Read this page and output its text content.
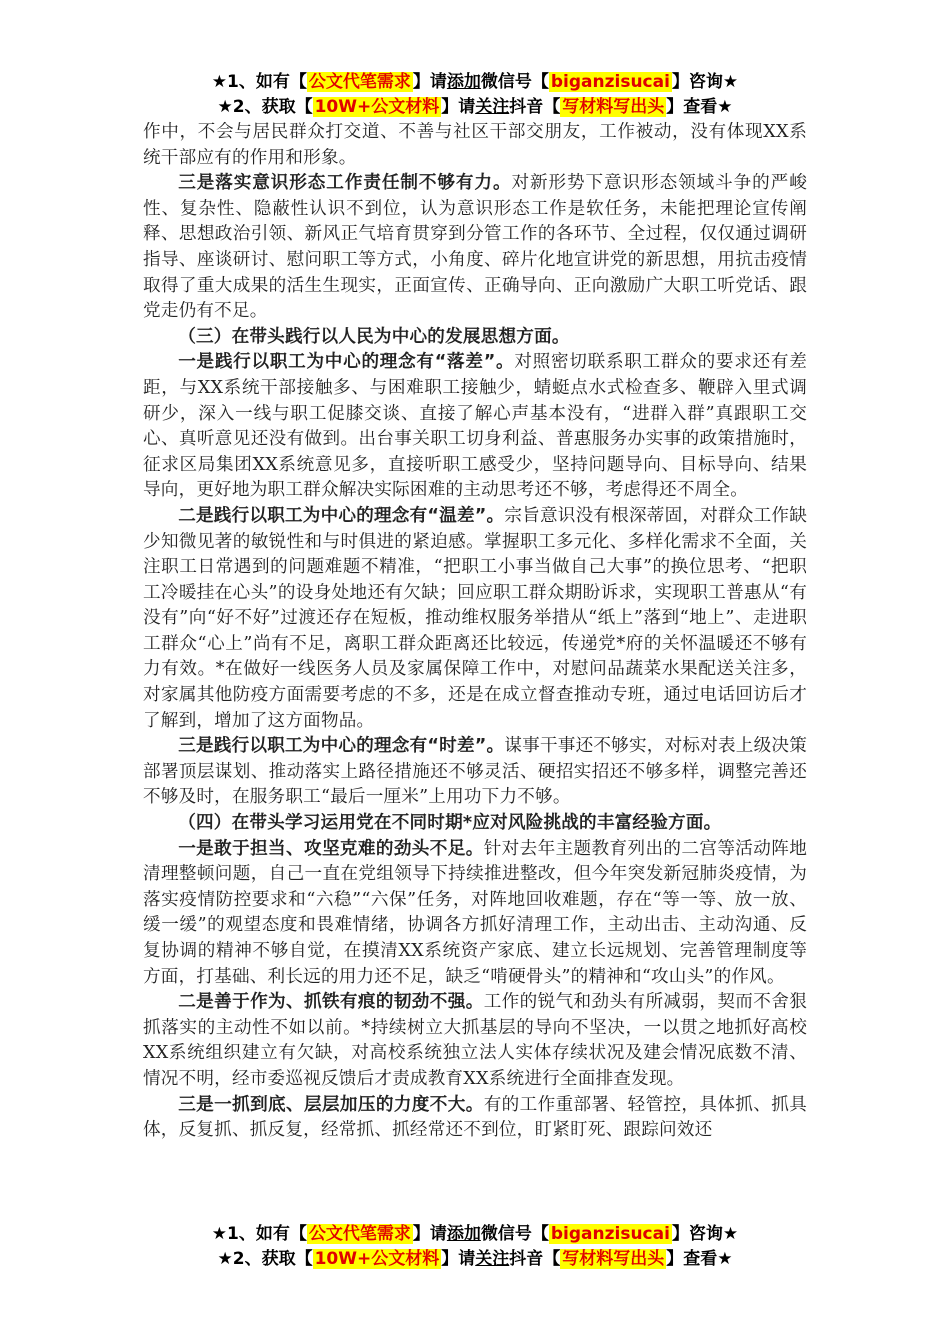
★1、如有【 公文代笔需求 】请添加微信号【 biganzisucai 】咨询★
★2、获取【 10W+公文材料 】请关注抖音【 写材料写出头 】查看★

作中，不会与居民群众打交道、不善与社区干部交朋友，工作被动，没有体现XX系统干部应有的作用和形象。

三是落实意识形态工作责任制不够有力。对新形势下意识形态领域斗争的严峻性、复杂性、隐蔽性认识不到位，认为意识形态工作是软任务，未能把理论宣传阐释、思想政治引领、新风正气培育贯穿到分管工作的各环节、全过程，仅仅通过调研指导、座谈研讨、慰问职工等方式，小角度、碎片化地宣讲党的新思想，用抗击疫情取得了重大成果的活生生现实，正面宣传、正确导向、正向激励广大职工听党话、跟党走仍有不足。

（三）在带头践行以人民为中心的发展思想方面。

一是践行以职工为中心的理念有“落差”。对照密切联系职工群众的要求还有差距，与XX系统干部接触多、与困难职工接触少，蜻蜓点水式检查多、鞭辟入里式调研少，深入一线与职工促膝交谈、直接了解心声基本没有，“进群入群”真跟职工交心、真听意见还没有做到。出台事关职工切身利益、普惠服务办实事的政策措施时，征求区局集团XX系统意见多，直接听职工感受少，坚持问题导向、目标导向、结果导向，更好地为职工群众解决实际困难的主动思考还不够，考虑得还不周全。

二是践行以职工为中心的理念有“温差”。宗旨意识没有根深蒂固，对群众工作缺少知微见著的敏锐性和与时俱进的紧迫感。掌握职工多元化、多样化需求不全面，关注职工日常遇到的问题难题不精准，“把职工小事当做自己大事”的换位思考、“把职工冷暖挂在心头”的设身处地还有欠缺；回应职工群众期盼诉求，实现职工普惠从“有没有”向“好不好”过渡还存在短板，推动维权服务举措从“纸上”落到“地上”、走进职工群众“心上”尚有不足，离职工群众距离还比较远，传递党*府的关怀温暖还不够有力有效。*在做好一线医务人员及家属保障工作中，对慰问品蔬菜水果配送关注多，对家属其他防疫方面需要考虑的不多，还是在成立督查推动专班，通过电话回访后才了解到，增加了这方面物品。

三是践行以职工为中心的理念有“时差”。谋事干事还不够实，对标对表上级决策部署顶层谋划、推动落实上路径措施还不够灵活、硬招实招还不够多样，调整完善还不够及时，在服务职工“最后一厘米”上用功下力不够。

（四）在带头学习运用党在不同时期*应对风险挑战的丰富经验方面。

一是敢于担当、攻坚克难的劲头不足。针对去年主题教育列出的二宫等活动阵地清理整顿问题，自己一直在党组领导下持续推进整改，但今年突发新冠肺炎疫情，为落实疫情防控要求和“六稳”“六保”任务，对阵地回收难题，存在“等一等、放一放、缓一缓”的观望态度和畏难情绪，协调各方抓好清理工作，主动出击、主动沟通、反复协调的精神不够自觉，在摸清XX系统资产家底、建立长远规划、完善管理制度等方面，打基础、利长远的用力还不足，缺乏“啃硬骨头”的精神和“攻山头”的作风。

二是善于作为、抓铁有痕的韧劲不强。工作的锐气和劲头有所减弱，契而不舍狠抓落实的主动性不如以前。*持续树立大抓基层的导向不坚决，一以贯之地抓好高校XX系统组织建立有欠缺，对高校系统独立法人实体存续状况及建会情况底数不清、情况不明，经市委巡视反馈后才责成教育XX系统进行全面排查发现。

三是一抓到底、层层加压的力度不大。有的工作重部署、轻管控，具体抓、抓具体，反复抓、抓反复，经常抓、抓经常还不到位，盯紧盯死、跟踪问效还

★1、如有【 公文代笔需求 】请添加微信号【 biganzisucai 】咨询★
★2、获取【 10W+公文材料 】请关注抖音【 写材料写出头 】查看★
